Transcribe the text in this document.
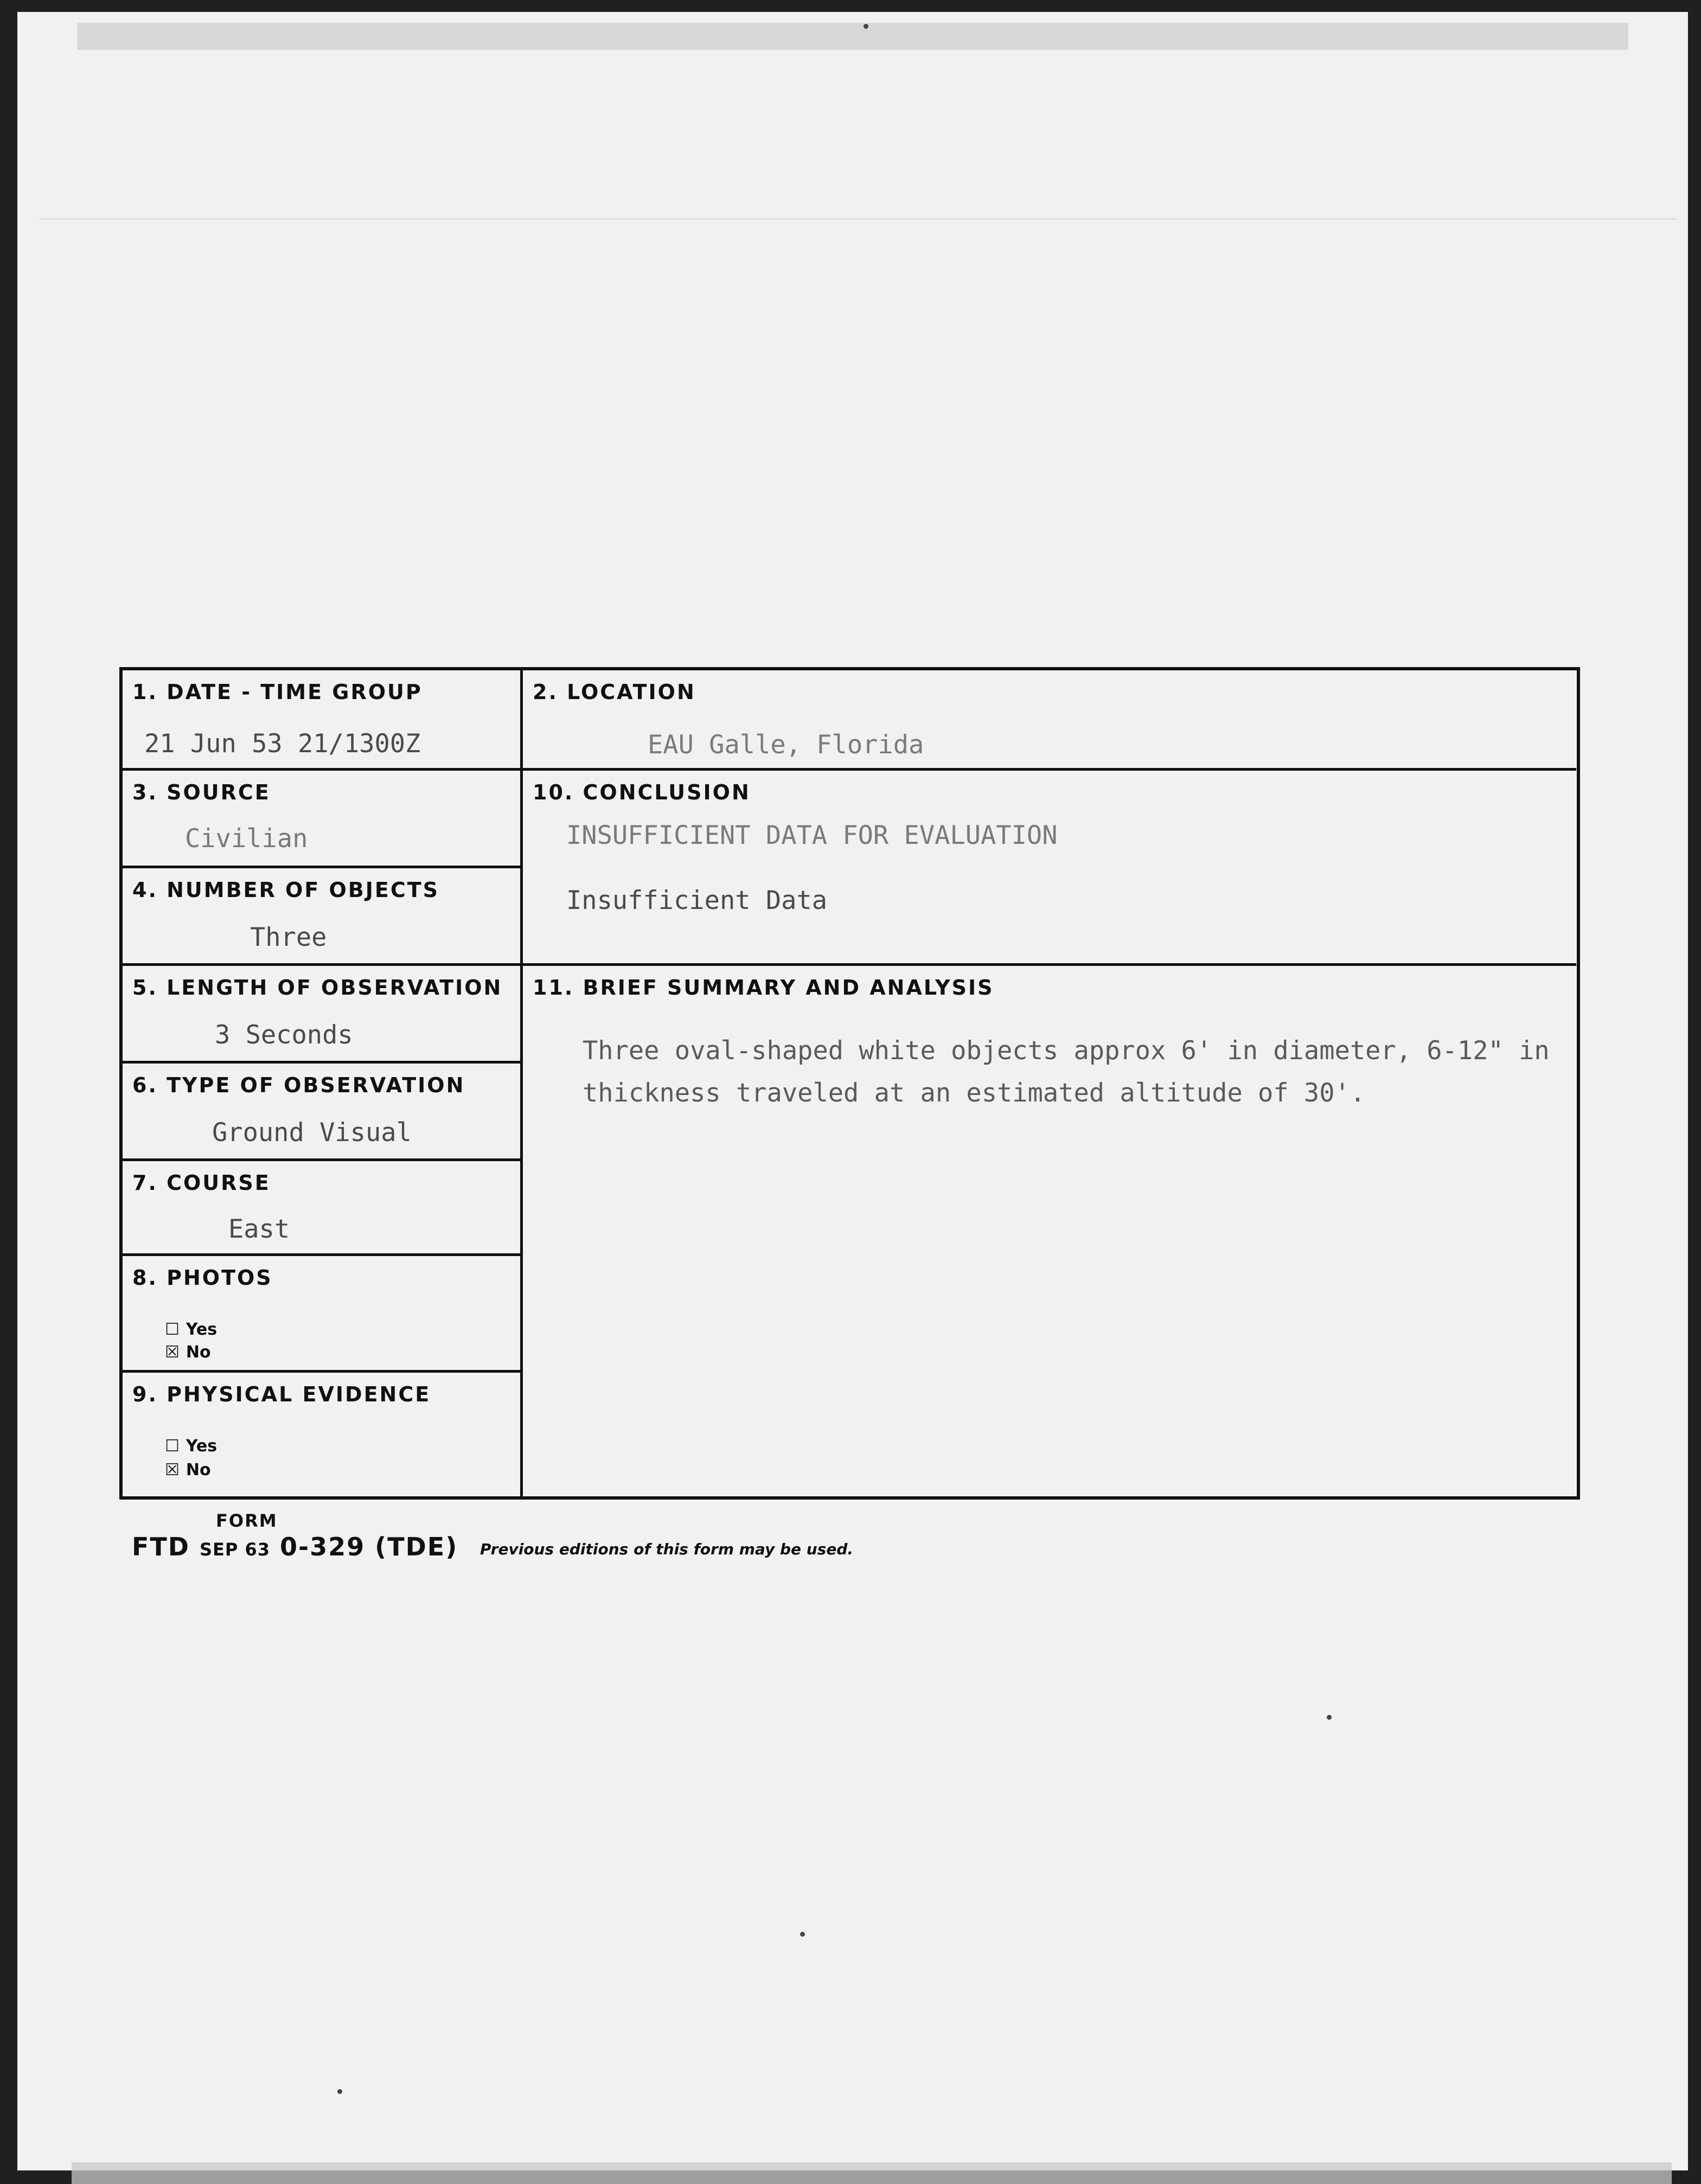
1. DATE - TIME GROUP
21 Jun 53 21/1300Z
2. LOCATION
EAU Galle, Florida
3. SOURCE
Civilian
4. NUMBER OF OBJECTS
Three
10. CONCLUSION
INSUFFICIENT DATA FOR EVALUATION
Insufficient Data
5. LENGTH OF OBSERVATION
3 Seconds
6. TYPE OF OBSERVATION
Ground Visual
7. COURSE
East
8. PHOTOS
☐ Yes
☒ No
9. PHYSICAL EVIDENCE
☐ Yes
☒ No
11. BRIEF SUMMARY AND ANALYSIS
Three oval-shaped white objects approx 6' in diameter, 6-12" in thickness traveled at an estimated altitude of 30'.
FORM
FTD SEP 63 0-329 (TDE) Previous editions of this form may be used.
